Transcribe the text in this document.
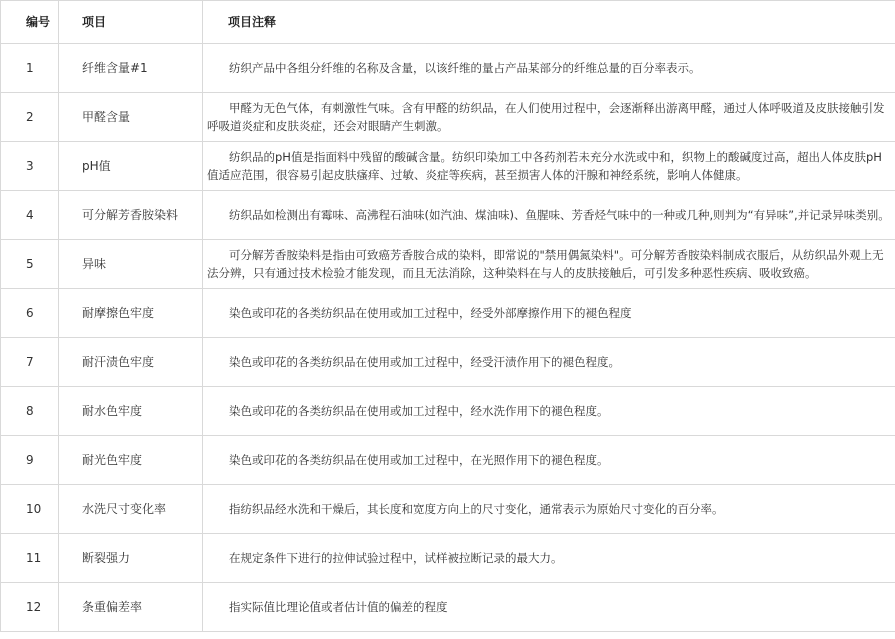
编号	项目	项目注释
1	纤维含量#1	纺织产品中各组分纤维的名称及含量，以该纤维的量占产品某部分的纤维总量的百分率表示。
2	甲醛含量	甲醛为无色气体，有刺激性气味。含有甲醛的纺织品，在人们使用过程中，会逐渐释出游离甲醛，通过人体呼吸道及皮肤接触引发呼吸道炎症和皮肤炎症，还会对眼睛产生刺激。
3	pH值	纺织品的pH值是指面料中残留的酸碱含量。纺织印染加工中各药剂若未充分水洗或中和，织物上的酸碱度过高，超出人体皮肤pH值适应范围，很容易引起皮肤瘙痒、过敏、炎症等疾病，甚至损害人体的汗腺和神经系统，影响人体健康。
4	可分解芳香胺染料	纺织品如检测出有霉味、高沸程石油味(如汽油、煤油味)、鱼腥味、芳香烃气味中的一种或几种,则判为“有异味”,并记录异味类别。
5	异味	可分解芳香胺染料是指由可致癌芳香胺合成的染料，即常说的"禁用偶氮染料"。可分解芳香胺染料制成衣服后，从纺织品外观上无法分辨，只有通过技术检验才能发现，而且无法消除，这种染料在与人的皮肤接触后，可引发多种恶性疾病、吸收致癌。
6	耐摩擦色牢度	染色或印花的各类纺织品在使用或加工过程中，经受外部摩擦作用下的褪色程度
7	耐汗渍色牢度	染色或印花的各类纺织品在使用或加工过程中，经受汗渍作用下的褪色程度。
8	耐水色牢度	染色或印花的各类纺织品在使用或加工过程中，经水洗作用下的褪色程度。
9	耐光色牢度	染色或印花的各类纺织品在使用或加工过程中，在光照作用下的褪色程度。
10	水洗尺寸变化率	指纺织品经水洗和干燥后，其长度和宽度方向上的尺寸变化，通常表示为原始尺寸变化的百分率。
11	断裂强力	在规定条件下进行的拉伸试验过程中，试样被拉断记录的最大力。
12	条重偏差率	指实际值比理论值或者估计值的偏差的程度
